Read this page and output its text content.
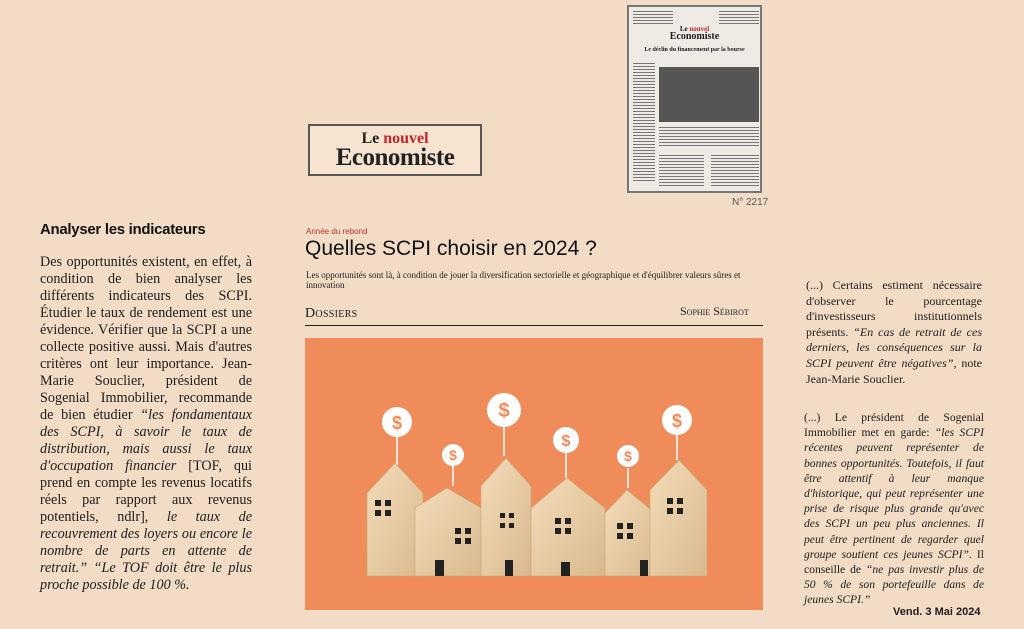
Le nouvel
Economiste
Le nouvel
Economiste
Le déclin du financement par la bourse
N° 2217
Analyser les indicateurs
Des opportunités existent, en effet, à condition de bien analyser les différents indicateurs des SCPI. Étudier le taux de rendement est une évidence. Vérifier que la SCPI a une collecte positive aussi. Mais d'autres critères ont leur importance. Jean-Marie Souclier, président de Sogenial Immobilier, recommande de bien étudier “les fondamentaux des SCPI, à savoir le taux de distribution, mais aussi le taux d'occupation financier [TOF, qui prend en compte les revenus locatifs réels par rapport aux revenus potentiels, ndlr], le taux de recouvrement des loyers ou encore le nombre de parts en attente de retrait.” “Le TOF doit être le plus proche possible de 100 %.
Année du rebond
Quelles SCPI choisir en 2024 ?
Les opportunités sont là, à condition de jouer la diversification sectorielle et géographique et d'équilibrer valeurs sûres et innovation
Dossiers	Sophie Sébirot
$
$
$
$
$
$
(...) Certains estiment nécessaire d'observer le pourcentage d'investisseurs institutionnels présents. “En cas de retrait de ces derniers, les conséquences sur la SCPI peuvent être négatives”, note Jean-Marie Souclier.
(...) Le président de Sogenial Immobilier met en garde: “les SCPI récentes peuvent représenter de bonnes opportunités. Toutefois, il faut être attentif à leur manque d'historique, qui peut représenter une prise de risque plus grande qu'avec des SCPI un peu plus anciennes. Il peut être pertinent de regarder quel groupe soutient ces jeunes SCPI”. Il conseille de “ne pas investir plus de 50 % de son portefeuille dans de jeunes SCPI.”
Vend. 3 Mai 2024
